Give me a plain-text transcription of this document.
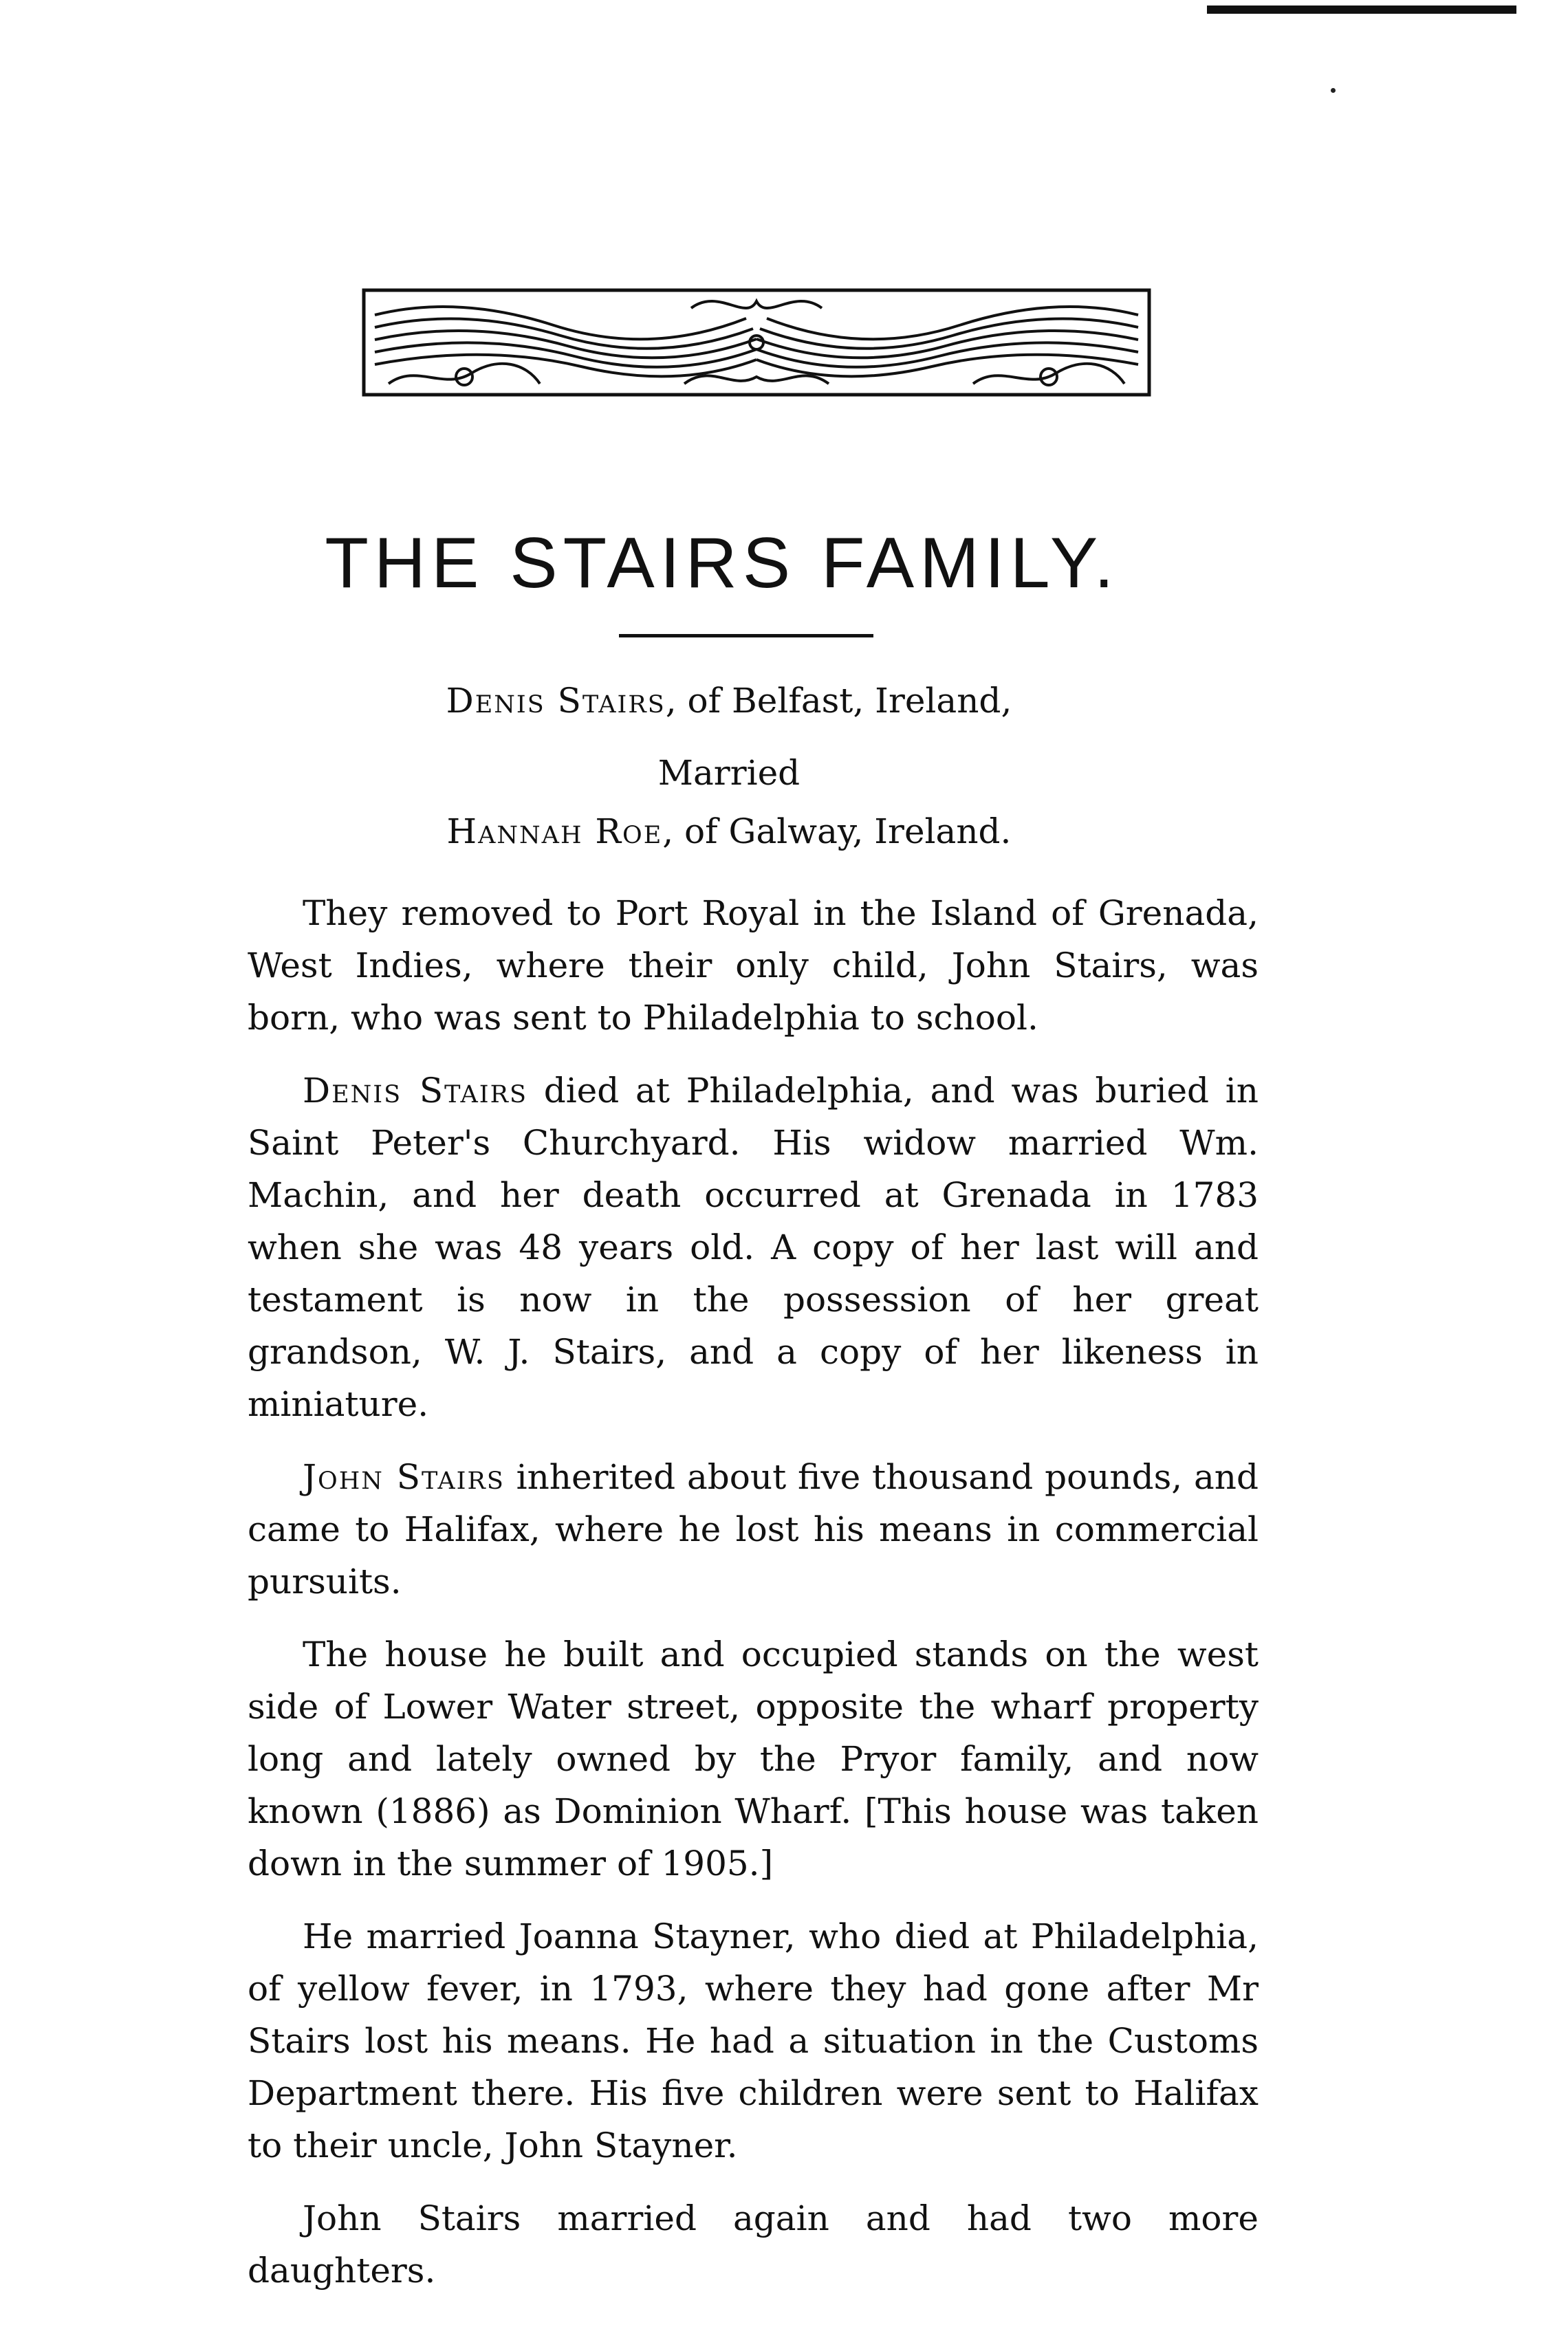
THE STAIRS FAMILY.

Denis Stairs, of Belfast, Ireland,

Married

Hannah Roe, of Galway, Ireland.

They removed to Port Royal in the Island of Grenada, West Indies, where their only child, John Stairs, was born, who was sent to Philadelphia to school.

Denis Stairs died at Philadelphia, and was buried in Saint Peter's Churchyard. His widow married Wm. Machin, and her death occurred at Grenada in 1783 when she was 48 years old. A copy of her last will and testament is now in the possession of her great grandson, W. J. Stairs, and a copy of her likeness in miniature.

John Stairs inherited about five thousand pounds, and came to Halifax, where he lost his means in commercial pursuits.

The house he built and occupied stands on the west side of Lower Water street, opposite the wharf property long and lately owned by the Pryor family, and now known (1886) as Dominion Wharf. [This house was taken down in the summer of 1905.]

He married Joanna Stayner, who died at Philadelphia, of yellow fever, in 1793, where they had gone after Mr Stairs lost his means. He had a situation in the Customs Department there. His five children were sent to Halifax to their uncle, John Stayner.

John Stairs married again and had two more daughters.
